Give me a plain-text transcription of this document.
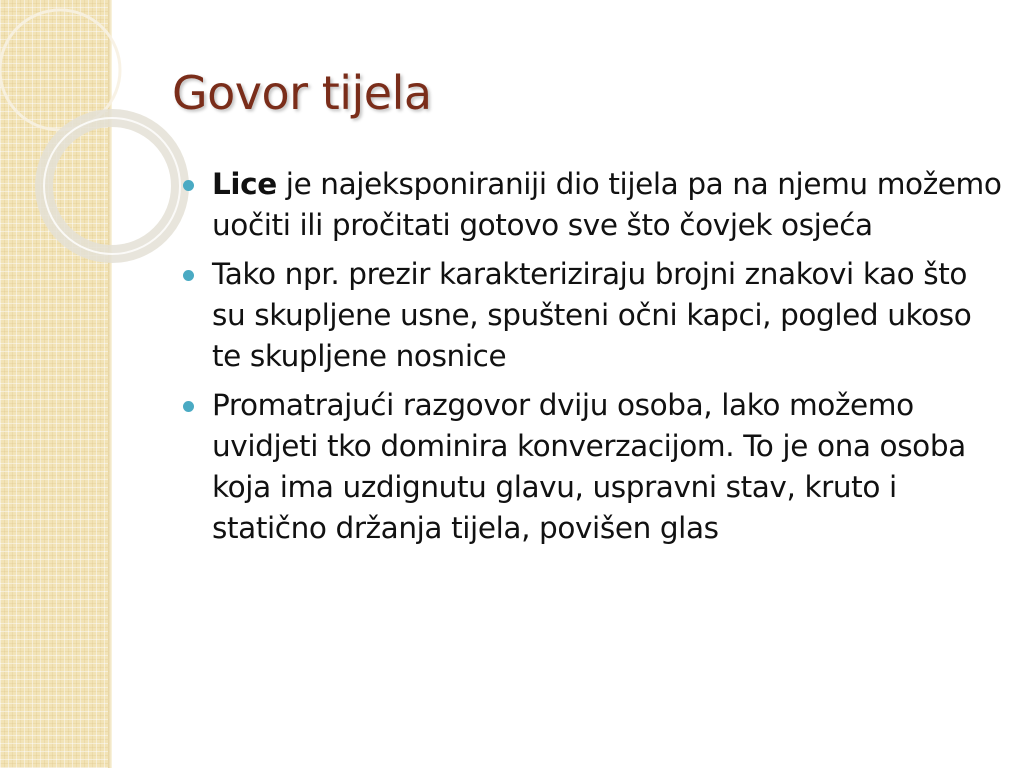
Govor tijela
Lice je najeksponiraniji dio tijela pa na njemu možemo uočiti ili pročitati gotovo sve što čovjek osjeća
Tako npr. prezir karakteriziraju brojni znakovi kao što su skupljene usne, spušteni očni kapci, pogled ukoso te skupljene nosnice
Promatrajući razgovor dviju osoba, lako možemo uvidjeti tko dominira konverzacijom. To je ona osoba koja ima uzdignutu glavu, uspravni stav, kruto i statično držanja tijela, povišen glas
